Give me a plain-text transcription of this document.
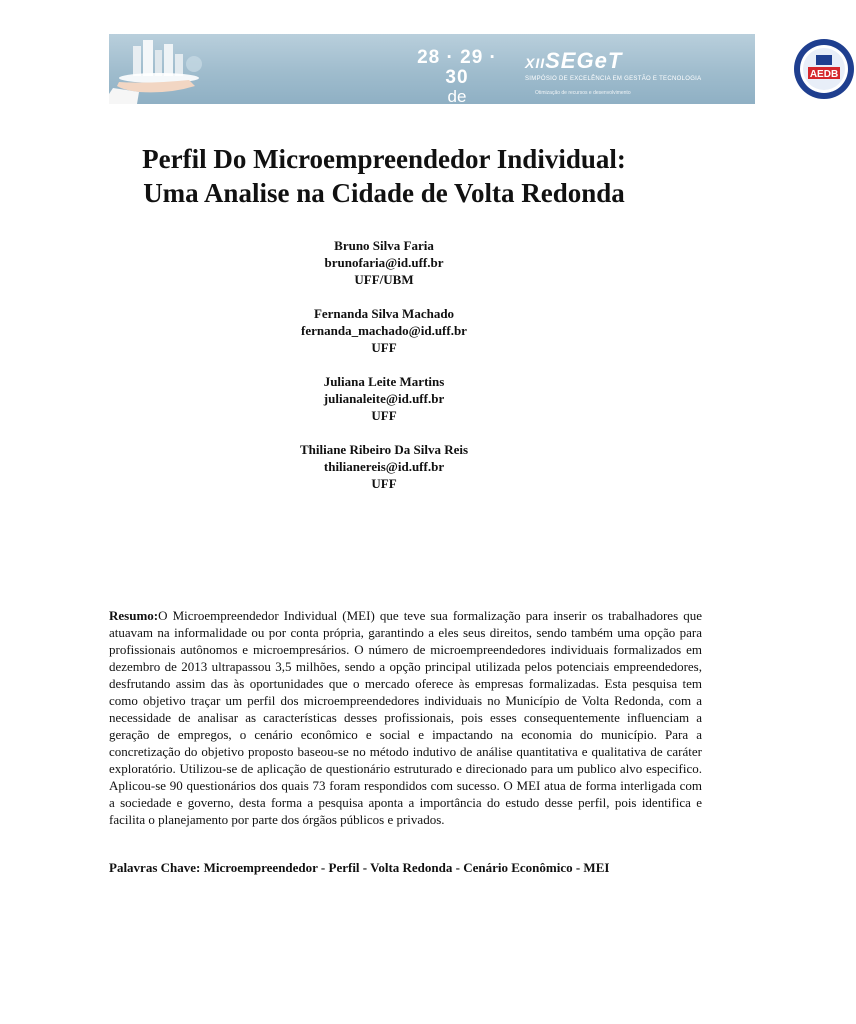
28 · 29 · 30
de OUTUBRO
XIISEGeT
SIMPÓSIO DE EXCELÊNCIA EM GESTÃO E TECNOLOGIA
Otimização de recursos e desenvolvimento
AEDB
Perfil Do Microempreendedor Individual:
Uma Analise na Cidade de Volta Redonda
Bruno Silva Faria
brunofaria@id.uff.br
UFF/UBM
Fernanda Silva Machado
fernanda_machado@id.uff.br
UFF
Juliana Leite Martins
julianaleite@id.uff.br
UFF
Thiliane Ribeiro Da Silva Reis
thilianereis@id.uff.br
UFF

Resumo:O Microempreendedor Individual (MEI) que teve sua formalização para inserir os trabalhadores que atuavam na informalidade ou por conta própria, garantindo a eles seus direitos, sendo também uma opção para profissionais autônomos e microempresários. O número de microempreendedores individuais formalizados em dezembro de 2013 ultrapassou 3,5 milhões, sendo a opção principal utilizada pelos potenciais empreendedores, desfrutando assim das às oportunidades que o mercado oferece às empresas formalizadas. Esta pesquisa tem como objetivo traçar um perfil dos microempreendedores individuais no Município de Volta Redonda, com a necessidade de analisar as características desses profissionais, pois esses consequentemente influenciam a geração de empregos, o cenário econômico e social e impactando na economia do município. Para a concretização do objetivo proposto baseou-se no método indutivo de análise quantitativa e qualitativa de caráter exploratório. Utilizou-se de aplicação de questionário estruturado e direcionado para um publico alvo especifico. Aplicou-se 90 questionários dos quais 73 foram respondidos com sucesso. O MEI atua de forma interligada com a sociedade e governo, desta forma a pesquisa aponta a importância do estudo desse perfil, pois identifica e facilita o planejamento por parte dos órgãos públicos e privados.

Palavras Chave: Microempreendedor - Perfil - Volta Redonda - Cenário Econômico - MEI
